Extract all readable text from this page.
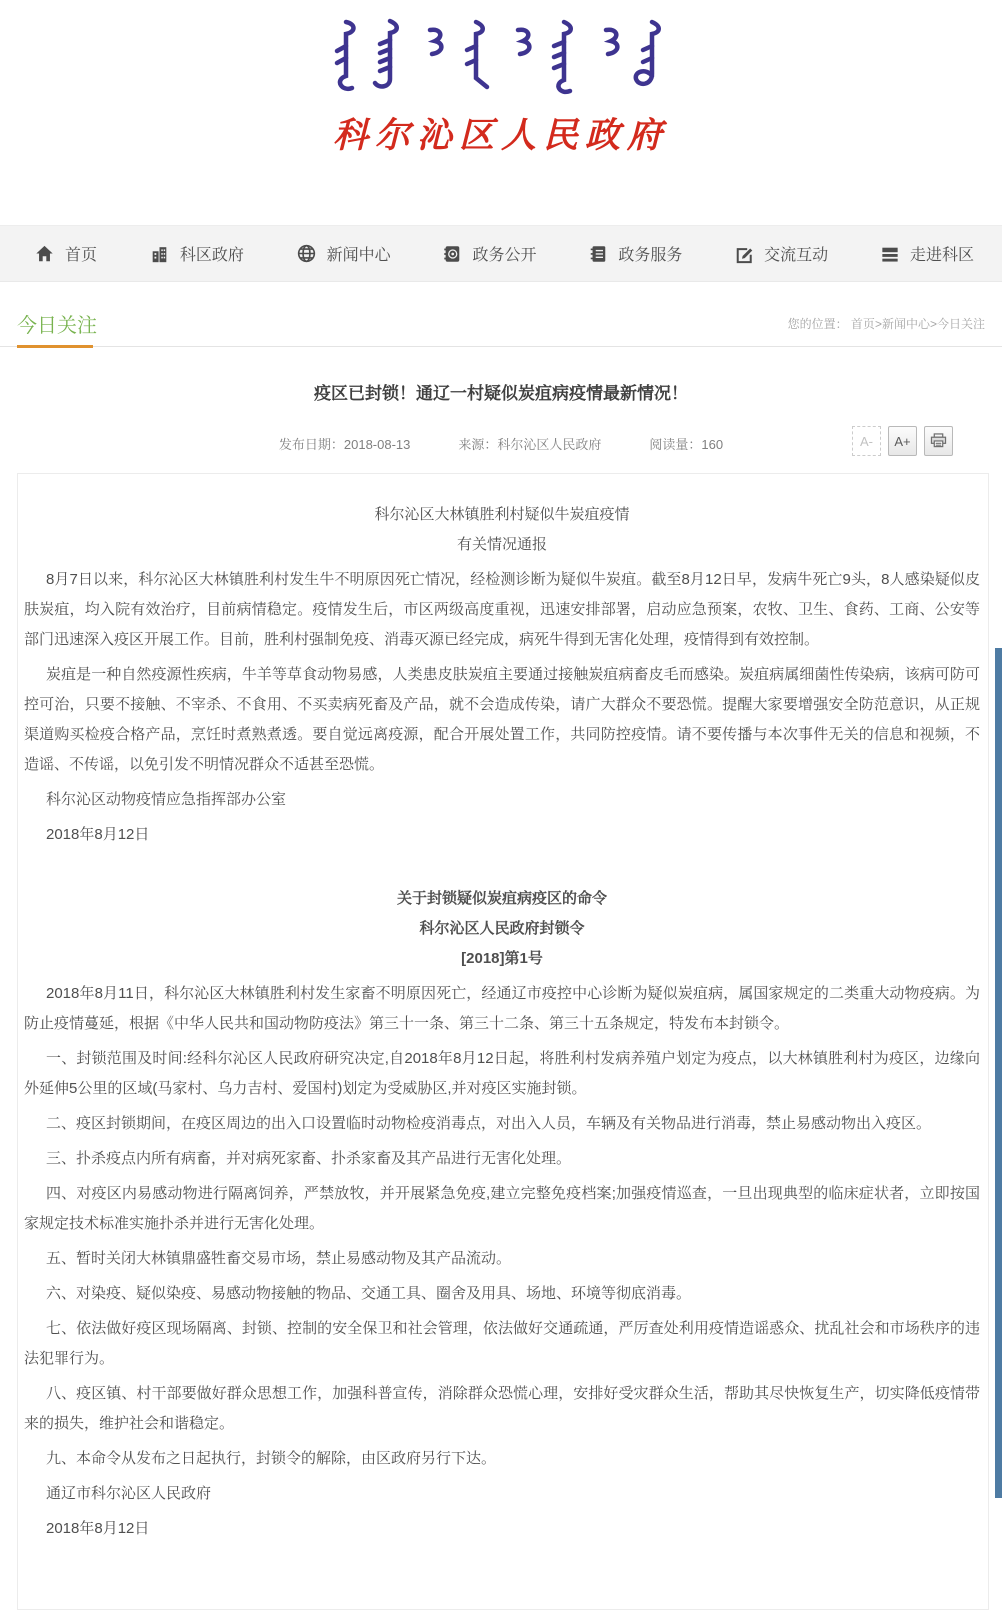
科尔沁区人民政府
首页	科区政府	新闻中心	政务公开	政务服务	交流互动	走进科区
今日关注	您的位置： 首页>新闻中心>今日关注
疫区已封锁！通辽一村疑似炭疽病疫情最新情况！
发布日期：2018-08-13	来源：科尔沁区人民政府	阅读量：160	A-	A+

科尔沁区大林镇胜利村疑似牛炭疽疫情

有关情况通报

8月7日以来，科尔沁区大林镇胜利村发生牛不明原因死亡情况，经检测诊断为疑似牛炭疽。截至8月12日早，发病牛死亡9头，8人感染疑似皮肤炭疽，均入院有效治疗，目前病情稳定。疫情发生后，市区两级高度重视，迅速安排部署，启动应急预案，农牧、卫生、食药、工商、公安等部门迅速深入疫区开展工作。目前，胜利村强制免疫、消毒灭源已经完成，病死牛得到无害化处理，疫情得到有效控制。

炭疽是一种自然疫源性疾病，牛羊等草食动物易感，人类患皮肤炭疽主要通过接触炭疽病畜皮毛而感染。炭疽病属细菌性传染病，该病可防可控可治，只要不接触、不宰杀、不食用、不买卖病死畜及产品，就不会造成传染，请广大群众不要恐慌。提醒大家要增强安全防范意识，从正规渠道购买检疫合格产品，烹饪时煮熟煮透。要自觉远离疫源，配合开展处置工作，共同防控疫情。请不要传播与本次事件无关的信息和视频，不造谣、不传谣，以免引发不明情况群众不适甚至恐慌。

科尔沁区动物疫情应急指挥部办公室

2018年8月12日

关于封锁疑似炭疽病疫区的命令

科尔沁区人民政府封锁令

[2018]第1号

2018年8月11日，科尔沁区大林镇胜利村发生家畜不明原因死亡，经通辽市疫控中心诊断为疑似炭疽病，属国家规定的二类重大动物疫病。为防止疫情蔓延，根据《中华人民共和国动物防疫法》第三十一条、第三十二条、第三十五条规定，特发布本封锁令。

一、封锁范围及时间:经科尔沁区人民政府研究决定,自2018年8月12日起，将胜利村发病养殖户划定为疫点，以大林镇胜利村为疫区，边缘向外延伸5公里的区域(马家村、乌力吉村、爱国村)划定为受威胁区,并对疫区实施封锁。

二、疫区封锁期间，在疫区周边的出入口设置临时动物检疫消毒点，对出入人员，车辆及有关物品进行消毒，禁止易感动物出入疫区。

三、扑杀疫点内所有病畜，并对病死家畜、扑杀家畜及其产品进行无害化处理。

四、对疫区内易感动物进行隔离饲养，严禁放牧，并开展紧急免疫,建立完整免疫档案;加强疫情巡查，一旦出现典型的临床症状者，立即按国家规定技术标准实施扑杀并进行无害化处理。

五、暂时关闭大林镇鼎盛牲畜交易市场，禁止易感动物及其产品流动。

六、对染疫、疑似染疫、易感动物接触的物品、交通工具、圈舍及用具、场地、环境等彻底消毒。

七、依法做好疫区现场隔离、封锁、控制的安全保卫和社会管理，依法做好交通疏通，严厉查处利用疫情造谣惑众、扰乱社会和市场秩序的违法犯罪行为。

八、疫区镇、村干部要做好群众思想工作，加强科普宣传，消除群众恐慌心理，安排好受灾群众生活，帮助其尽快恢复生产，切实降低疫情带来的损失，维护社会和谐稳定。

九、本命令从发布之日起执行，封锁令的解除，由区政府另行下达。

通辽市科尔沁区人民政府

2018年8月12日
